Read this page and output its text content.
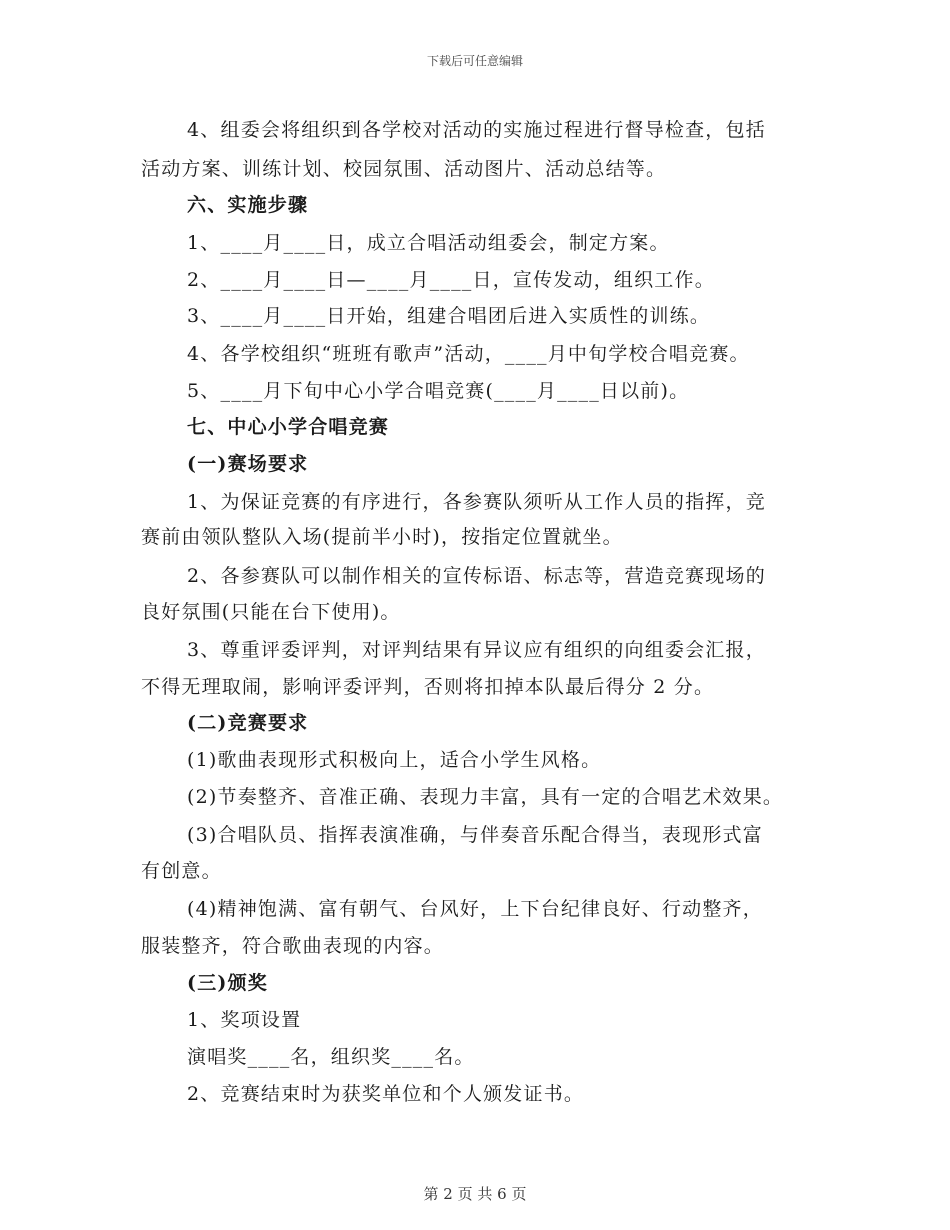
下载后可任意编辑
4、组委会将组织到各学校对活动的实施过程进行督导检查，包括
活动方案、训练计划、校园氛围、活动图片、活动总结等。
六、实施步骤
1、____月____日，成立合唱活动组委会，制定方案。
2、____月____日—____月____日，宣传发动，组织工作。
3、____月____日开始，组建合唱团后进入实质性的训练。
4、各学校组织“班班有歌声”活动，____月中旬学校合唱竞赛。
5、____月下旬中心小学合唱竞赛(____月____日以前)。
七、中心小学合唱竞赛
(一)赛场要求
1、为保证竞赛的有序进行，各参赛队须听从工作人员的指挥，竞
赛前由领队整队入场(提前半小时)，按指定位置就坐。
2、各参赛队可以制作相关的宣传标语、标志等，营造竞赛现场的
良好氛围(只能在台下使用)。
3、尊重评委评判，对评判结果有异议应有组织的向组委会汇报，
不得无理取闹，影响评委评判，否则将扣掉本队最后得分 2 分。
(二)竞赛要求
(1)歌曲表现形式积极向上，适合小学生风格。
(2)节奏整齐、音准正确、表现力丰富，具有一定的合唱艺术效果。
(3)合唱队员、指挥表演准确，与伴奏音乐配合得当，表现形式富
有创意。
(4)精神饱满、富有朝气、台风好，上下台纪律良好、行动整齐，
服装整齐，符合歌曲表现的内容。
(三)颁奖
1、奖项设置
演唱奖____名，组织奖____名。
2、竞赛结束时为获奖单位和个人颁发证书。
第 2 页 共 6 页
